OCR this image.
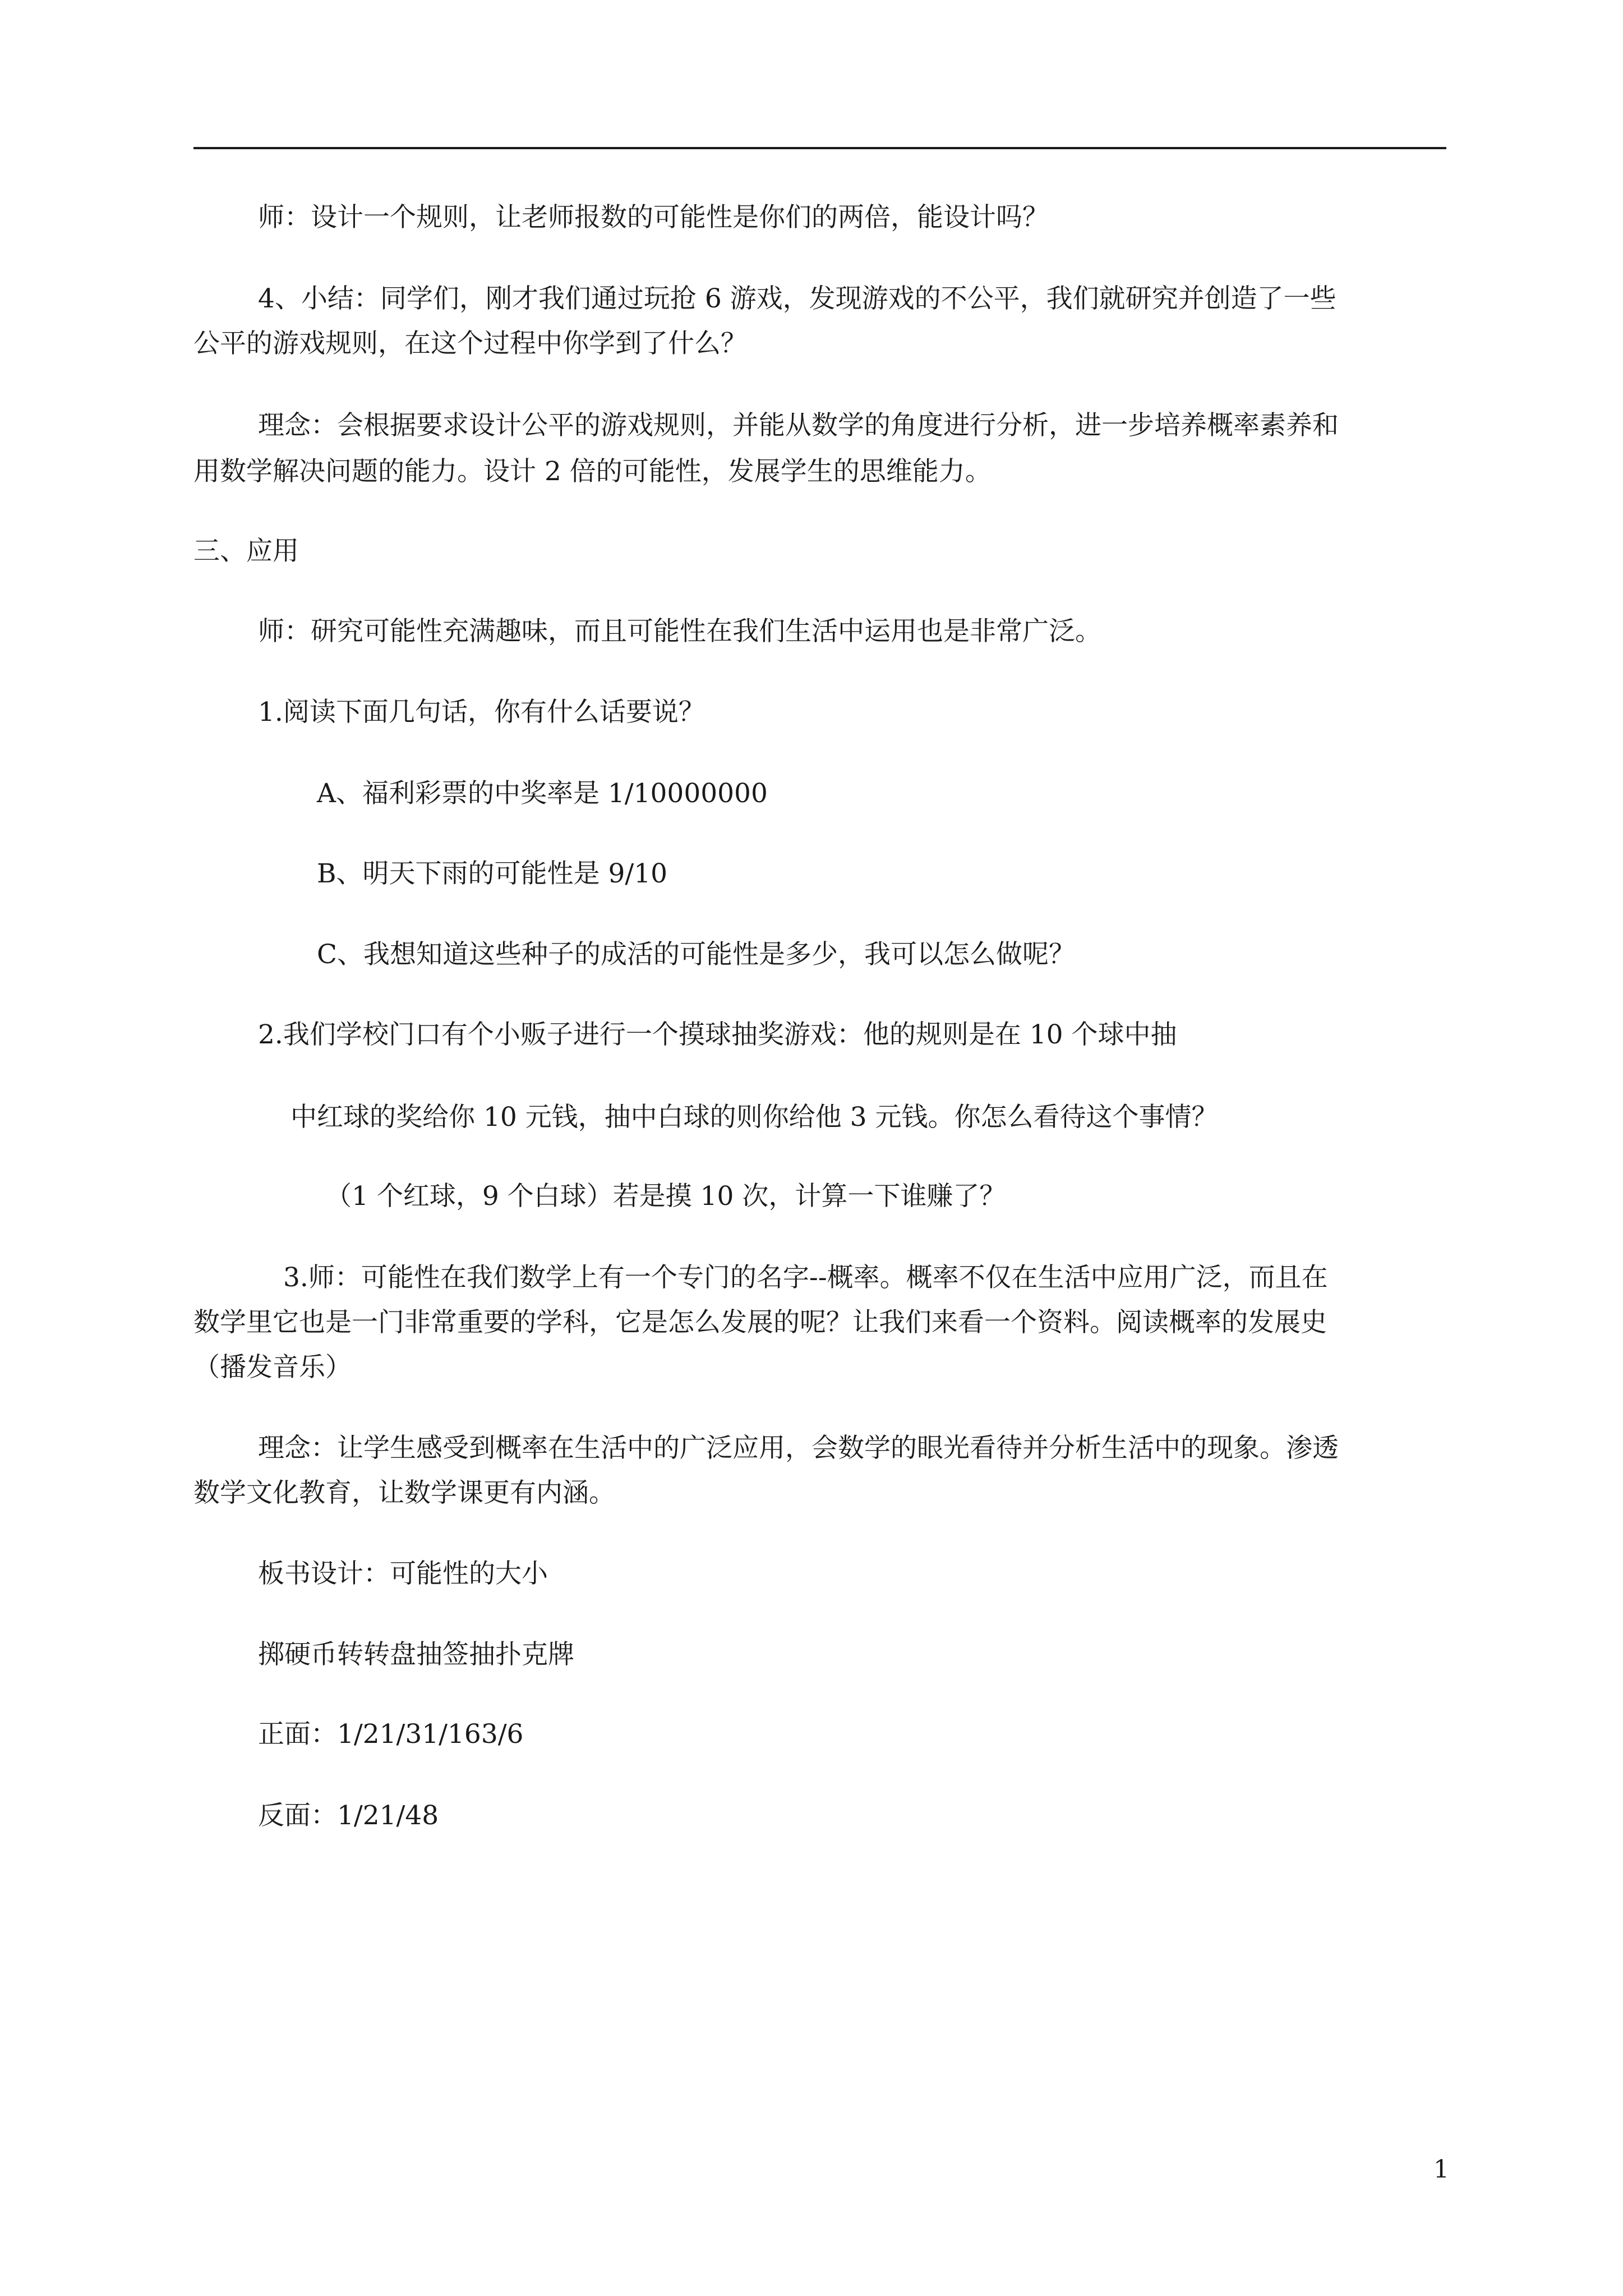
师：设计一个规则，让老师报数的可能性是你们的两倍，能设计吗？

4、小结：同学们，刚才我们通过玩抢 6 游戏，发现游戏的不公平，我们就研究并创造了一些

公平的游戏规则，在这个过程中你学到了什么？

理念：会根据要求设计公平的游戏规则，并能从数学的角度进行分析，进一步培养概率素养和

用数学解决问题的能力。设计 2 倍的可能性，发展学生的思维能力。

三、应用

师：研究可能性充满趣味，而且可能性在我们生活中运用也是非常广泛。

1.阅读下面几句话，你有什么话要说？

A、福利彩票的中奖率是 1/10000000

B、明天下雨的可能性是 9/10

C、我想知道这些种子的成活的可能性是多少，我可以怎么做呢？

2.我们学校门口有个小贩子进行一个摸球抽奖游戏：他的规则是在 10 个球中抽

中红球的奖给你 10 元钱，抽中白球的则你给他 3 元钱。你怎么看待这个事情？

（1 个红球，9 个白球）若是摸 10 次，计算一下谁赚了？

3.师：可能性在我们数学上有一个专门的名字--概率。概率不仅在生活中应用广泛，而且在

数学里它也是一门非常重要的学科，它是怎么发展的呢？让我们来看一个资料。阅读概率的发展史

（播发音乐）

理念：让学生感受到概率在生活中的广泛应用，会数学的眼光看待并分析生活中的现象。渗透

数学文化教育，让数学课更有内涵。

板书设计：可能性的大小

掷硬币转转盘抽签抽扑克牌

正面：1/21/31/163/6

反面：1/21/48

1
